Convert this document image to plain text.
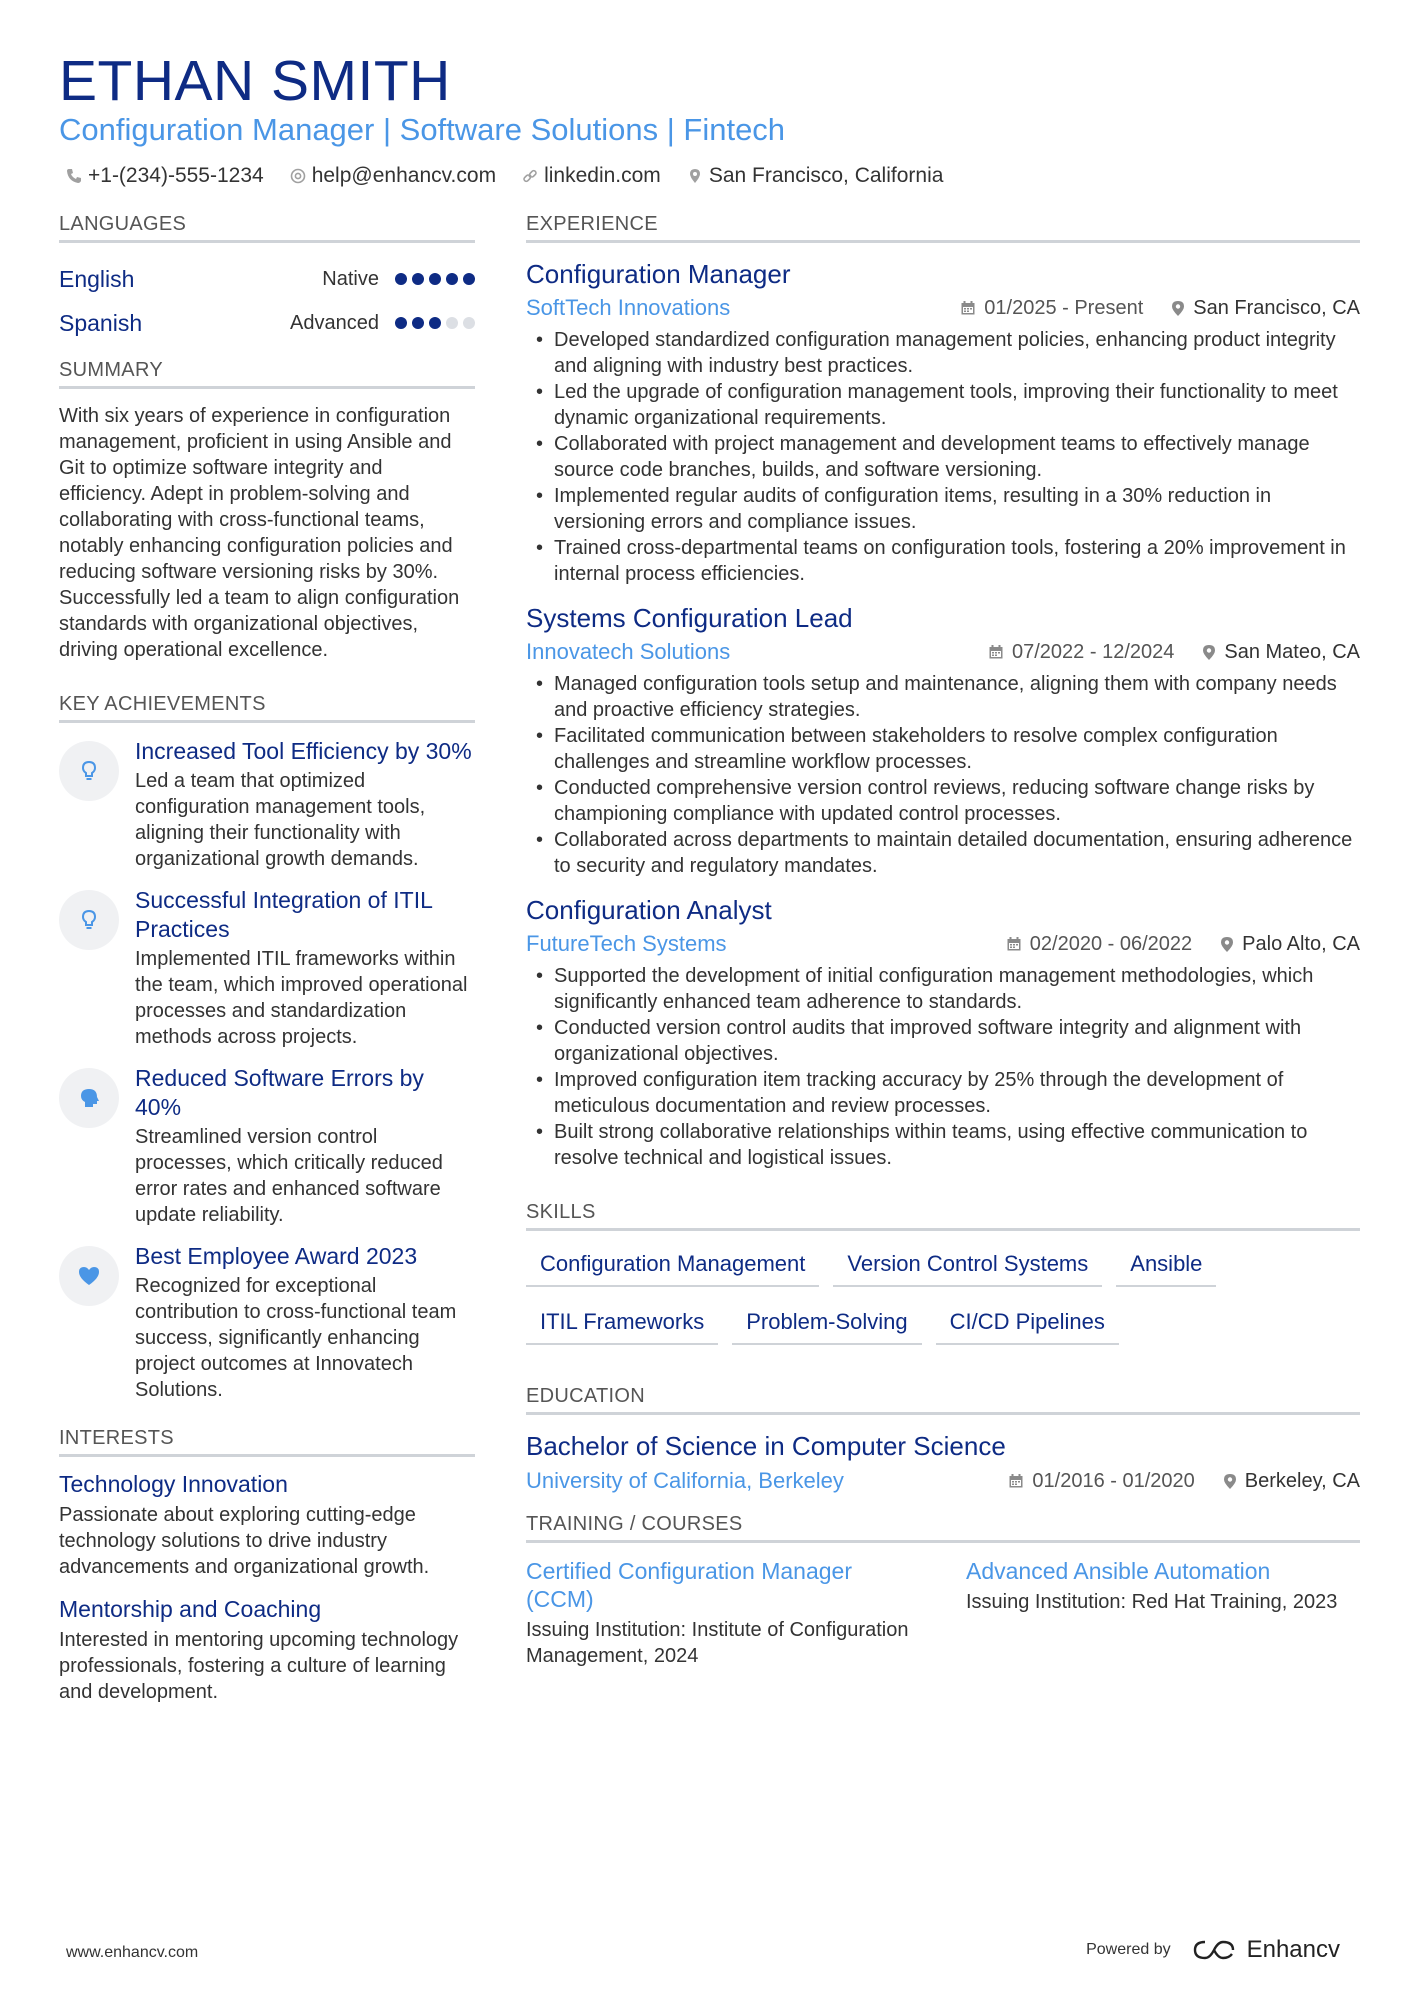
ETHAN SMITH
Configuration Manager | Software Solutions | Fintech
+1-(234)-555-1234 help@enhancv.com linkedin.com San Francisco, California
LANGUAGES
English	Native
Spanish	Advanced
SUMMARY
With six years of experience in configuration management, proficient in using Ansible and Git to optimize software integrity and efficiency. Adept in problem-solving and collaborating with cross-functional teams, notably enhancing configuration policies and reducing software versioning risks by 30%. Successfully led a team to align configuration standards with organizational objectives, driving operational excellence.
KEY ACHIEVEMENTS
Increased Tool Efficiency by 30%
Led a team that optimized configuration management tools, aligning their functionality with organizational growth demands.
Successful Integration of ITIL Practices
Implemented ITIL frameworks within the team, which improved operational processes and standardization methods across projects.
Reduced Software Errors by 40%
Streamlined version control processes, which critically reduced error rates and enhanced software update reliability.
Best Employee Award 2023
Recognized for exceptional contribution to cross-functional team success, significantly enhancing project outcomes at Innovatech Solutions.
INTERESTS
Technology Innovation
Passionate about exploring cutting-edge technology solutions to drive industry advancements and organizational growth.
Mentorship and Coaching
Interested in mentoring upcoming technology professionals, fostering a culture of learning and development.
EXPERIENCE
Configuration Manager
SoftTech Innovations	01/2025 - Present	San Francisco, CA
• Developed standardized configuration management policies, enhancing product integrity and aligning with industry best practices.
• Led the upgrade of configuration management tools, improving their functionality to meet dynamic organizational requirements.
• Collaborated with project management and development teams to effectively manage source code branches, builds, and software versioning.
• Implemented regular audits of configuration items, resulting in a 30% reduction in versioning errors and compliance issues.
• Trained cross-departmental teams on configuration tools, fostering a 20% improvement in internal process efficiencies.
Systems Configuration Lead
Innovatech Solutions	07/2022 - 12/2024	San Mateo, CA
• Managed configuration tools setup and maintenance, aligning them with company needs and proactive efficiency strategies.
• Facilitated communication between stakeholders to resolve complex configuration challenges and streamline workflow processes.
• Conducted comprehensive version control reviews, reducing software change risks by championing compliance with updated control processes.
• Collaborated across departments to maintain detailed documentation, ensuring adherence to security and regulatory mandates.
Configuration Analyst
FutureTech Systems	02/2020 - 06/2022	Palo Alto, CA
• Supported the development of initial configuration management methodologies, which significantly enhanced team adherence to standards.
• Conducted version control audits that improved software integrity and alignment with organizational objectives.
• Improved configuration item tracking accuracy by 25% through the development of meticulous documentation and review processes.
• Built strong collaborative relationships within teams, using effective communication to resolve technical and logistical issues.
SKILLS
Configuration Management	Version Control Systems	Ansible
ITIL Frameworks	Problem-Solving	CI/CD Pipelines
EDUCATION
Bachelor of Science in Computer Science
University of California, Berkeley	01/2016 - 01/2020	Berkeley, CA
TRAINING / COURSES
Certified Configuration Manager (CCM)
Issuing Institution: Institute of Configuration Management, 2024
Advanced Ansible Automation
Issuing Institution: Red Hat Training, 2023
www.enhancv.com	Powered by	Enhancv
